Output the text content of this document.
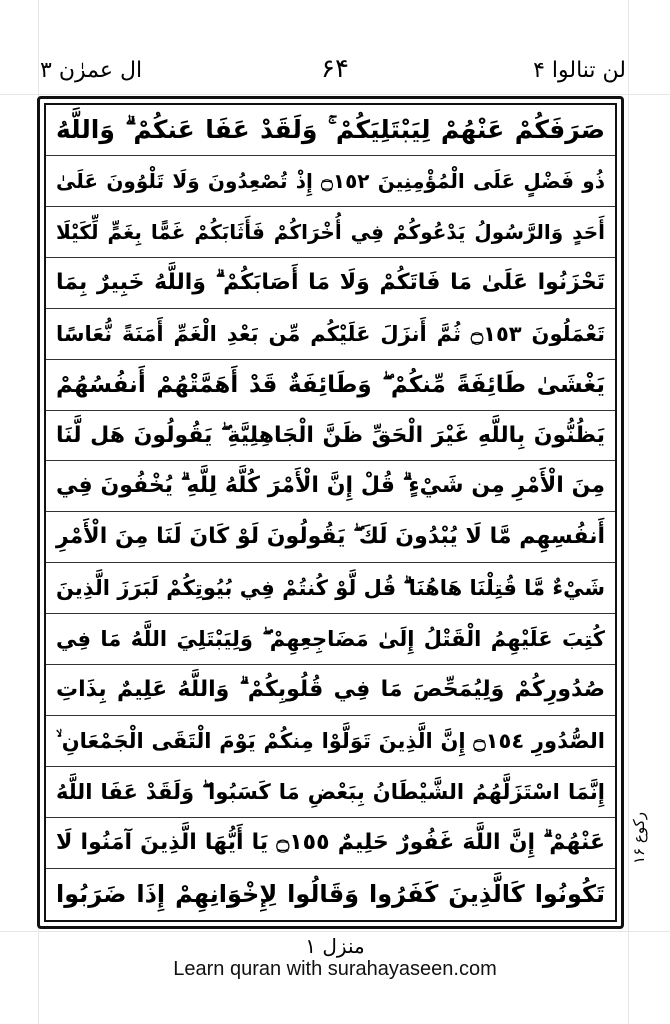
لن تنالوا ۴
۶۴
ال عمرٰن ۳
صَرَفَكُمْ عَنْهُمْ لِيَبْتَلِيَكُمْ ۚ وَلَقَدْ عَفَا عَنكُمْ ۗ وَاللَّهُ
ذُو فَضْلٍ عَلَى الْمُؤْمِنِينَ ۝١٥٢ إِذْ تُصْعِدُونَ وَلَا تَلْوُونَ عَلَىٰ
أَحَدٍ وَالرَّسُولُ يَدْعُوكُمْ فِي أُخْرَاكُمْ فَأَثَابَكُمْ غَمًّا بِغَمٍّ لِّكَيْلَا
تَحْزَنُوا عَلَىٰ مَا فَاتَكُمْ وَلَا مَا أَصَابَكُمْ ۗ وَاللَّهُ خَبِيرٌ بِمَا
تَعْمَلُونَ ۝١٥٣ ثُمَّ أَنزَلَ عَلَيْكُم مِّن بَعْدِ الْغَمِّ أَمَنَةً نُّعَاسًا
يَغْشَىٰ طَائِفَةً مِّنكُمْ ۖ وَطَائِفَةٌ قَدْ أَهَمَّتْهُمْ أَنفُسُهُمْ
يَظُنُّونَ بِاللَّهِ غَيْرَ الْحَقِّ ظَنَّ الْجَاهِلِيَّةِ ۖ يَقُولُونَ هَل لَّنَا
مِنَ الْأَمْرِ مِن شَيْءٍ ۗ قُلْ إِنَّ الْأَمْرَ كُلَّهُ لِلَّهِ ۗ يُخْفُونَ فِي
أَنفُسِهِم مَّا لَا يُبْدُونَ لَكَ ۖ يَقُولُونَ لَوْ كَانَ لَنَا مِنَ الْأَمْرِ
شَيْءٌ مَّا قُتِلْنَا هَاهُنَا ۗ قُل لَّوْ كُنتُمْ فِي بُيُوتِكُمْ لَبَرَزَ الَّذِينَ
كُتِبَ عَلَيْهِمُ الْقَتْلُ إِلَىٰ مَضَاجِعِهِمْ ۖ وَلِيَبْتَلِيَ اللَّهُ مَا فِي
صُدُورِكُمْ وَلِيُمَحِّصَ مَا فِي قُلُوبِكُمْ ۗ وَاللَّهُ عَلِيمٌ بِذَاتِ
الصُّدُورِ ۝١٥٤ إِنَّ الَّذِينَ تَوَلَّوْا مِنكُمْ يَوْمَ الْتَقَى الْجَمْعَانِ ۙ
إِنَّمَا اسْتَزَلَّهُمُ الشَّيْطَانُ بِبَعْضِ مَا كَسَبُوا ۖ وَلَقَدْ عَفَا اللَّهُ
عَنْهُمْ ۗ إِنَّ اللَّهَ غَفُورٌ حَلِيمٌ ۝١٥٥ يَا أَيُّهَا الَّذِينَ آمَنُوا لَا
تَكُونُوا كَالَّذِينَ كَفَرُوا وَقَالُوا لِإِخْوَانِهِمْ إِذَا ضَرَبُوا
رکوع ۱۶
منزل ۱
Learn quran with surahayaseen.com
